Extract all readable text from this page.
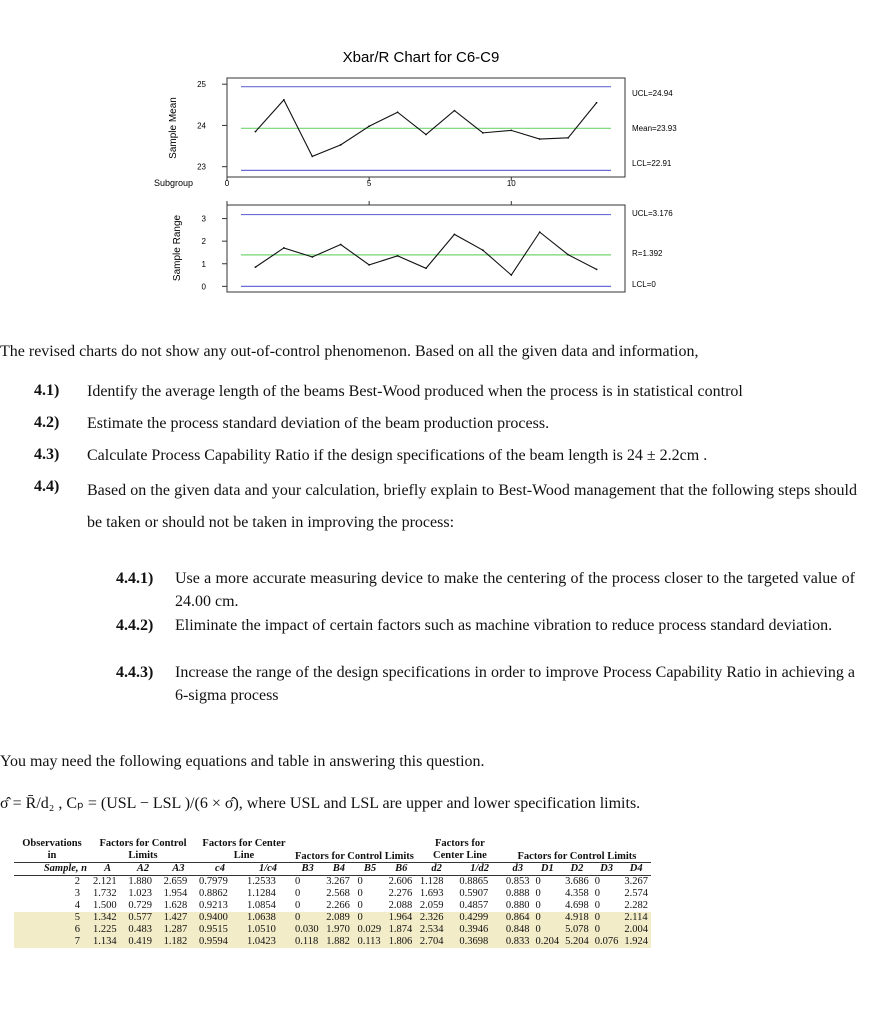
Xbar/R Chart for C6-C9
Sample Mean
25
24
23
UCL=24.94
Mean=23.93
LCL=22.91
Subgroup	0	5	10
Sample Range 3
2
1
0
UCL=3.176
R=1.392
LCL=0
The revised charts do not show any out-of-control phenomenon. Based on all the given data and information,
4.1) Identify the average length of the beams Best-Wood produced when the process is in statistical control
4.2) Estimate the process standard deviation of the beam production process.
4.3) Calculate Process Capability Ratio if the design specifications of the beam length is 24 ± 2.2cm .
4.4) Based on the given data and your calculation, briefly explain to Best-Wood management that the following steps should be taken or should not be taken in improving the process:
4.4.1) Use a more accurate measuring device to make the centering of the process closer to the targeted value of 24.00 cm.
4.4.2) Eliminate the impact of certain factors such as machine vibration to reduce process standard deviation.
4.4.3) Increase the range of the design specifications in order to improve Process Capability Ratio in achieving a 6-sigma process
You may need the following equations and table in answering this question.
σ̂ = R̄/d₂ , Cₚ = (USL − LSL )/(6 × σ̂), where USL and LSL are upper and lower specification limits.
Observations in	Factors for Control Limits			Factors for Center Line		Factors for Control Limits				Factors for Center Line		Factors for Control Limits				

Sample, n	A	A2	A3	c4	1/c4	B3	B4	B5	B6	d2	1/d2	d3	D1	D2	D3	D4
2	2.121	1.880	2.659	0.7979	1.2533	0	3.267	0	2.606	1.128	0.8865	0.853	0	3.686	0	3.267
3	1.732	1.023	1.954	0.8862	1.1284	0	2.568	0	2.276	1.693	0.5907	0.888	0	4.358	0	2.574
4	1.500	0.729	1.628	0.9213	1.0854	0	2.266	0	2.088	2.059	0.4857	0.880	0	4.698	0	2.282
5	1.342	0.577	1.427	0.9400	1.0638	0	2.089	0	1.964	2.326	0.4299	0.864	0	4.918	0	2.114
6	1.225	0.483	1.287	0.9515	1.0510	0.030	1.970	0.029	1.874	2.534	0.3946	0.848	0	5.078	0	2.004
7	1.134	0.419	1.182	0.9594	1.0423	0.118	1.882	0.113	1.806	2.704	0.3698	0.833	0.204	5.204	0.076	1.924
